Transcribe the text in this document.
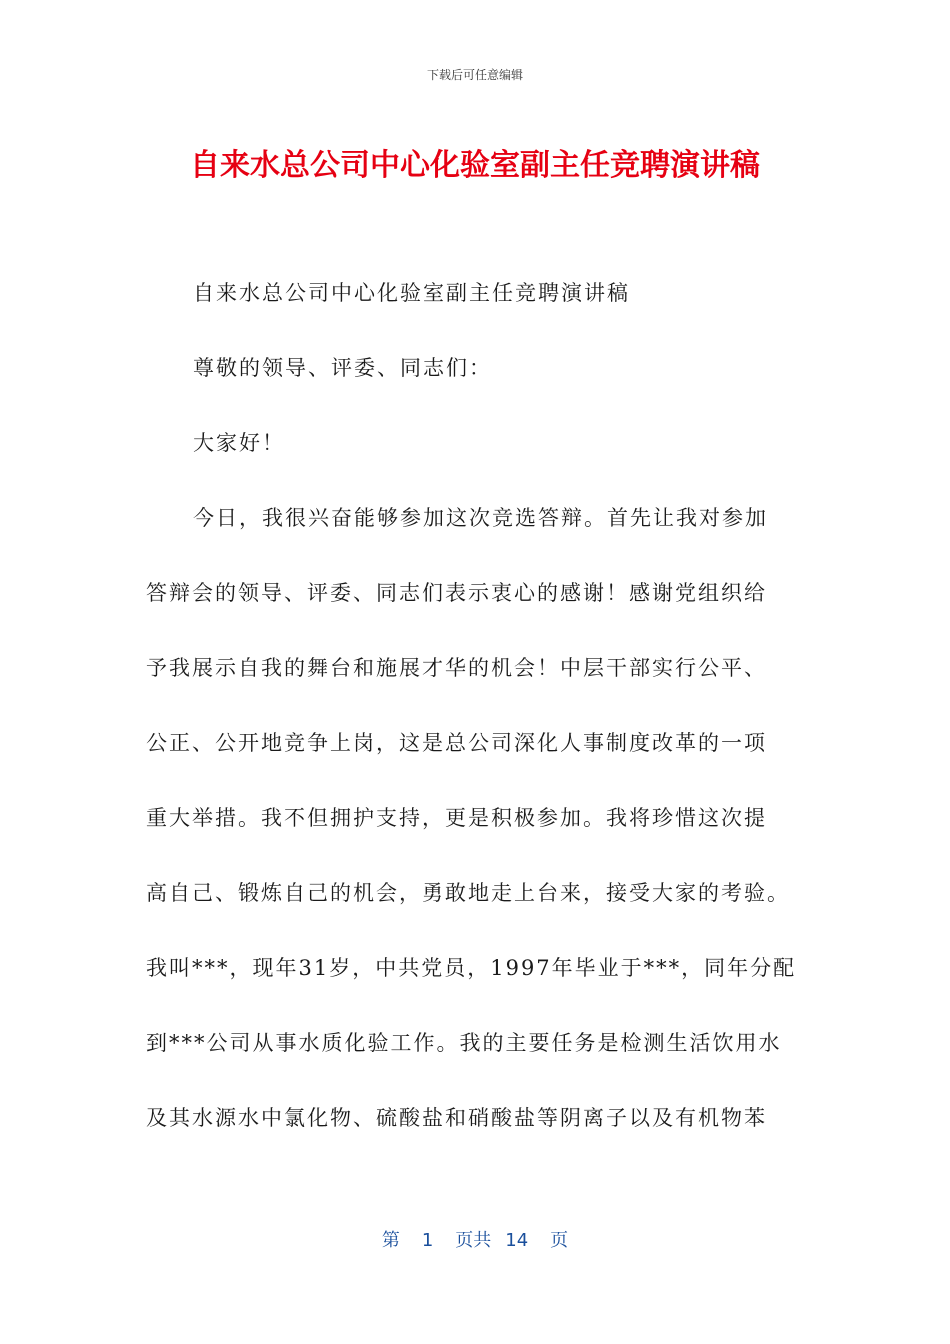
下载后可任意编辑
自来水总公司中心化验室副主任竞聘演讲稿
自来水总公司中心化验室副主任竞聘演讲稿
尊敬的领导、评委、同志们：
大家好！
今日，我很兴奋能够参加这次竞选答辩。首先让我对参加
答辩会的领导、评委、同志们表示衷心的感谢！感谢党组织给
予我展示自我的舞台和施展才华的机会！中层干部实行公平、
公正、公开地竞争上岗，这是总公司深化人事制度改革的一项
重大举措。我不但拥护支持，更是积极参加。我将珍惜这次提
高自己、锻炼自己的机会，勇敢地走上台来，接受大家的考验。
我叫***，现年31岁，中共党员，1997年毕业于***，同年分配
到***公司从事水质化验工作。我的主要任务是检测生活饮用水
及其水源水中氯化物、硫酸盐和硝酸盐等阴离子以及有机物苯
第 1 页共 14 页
